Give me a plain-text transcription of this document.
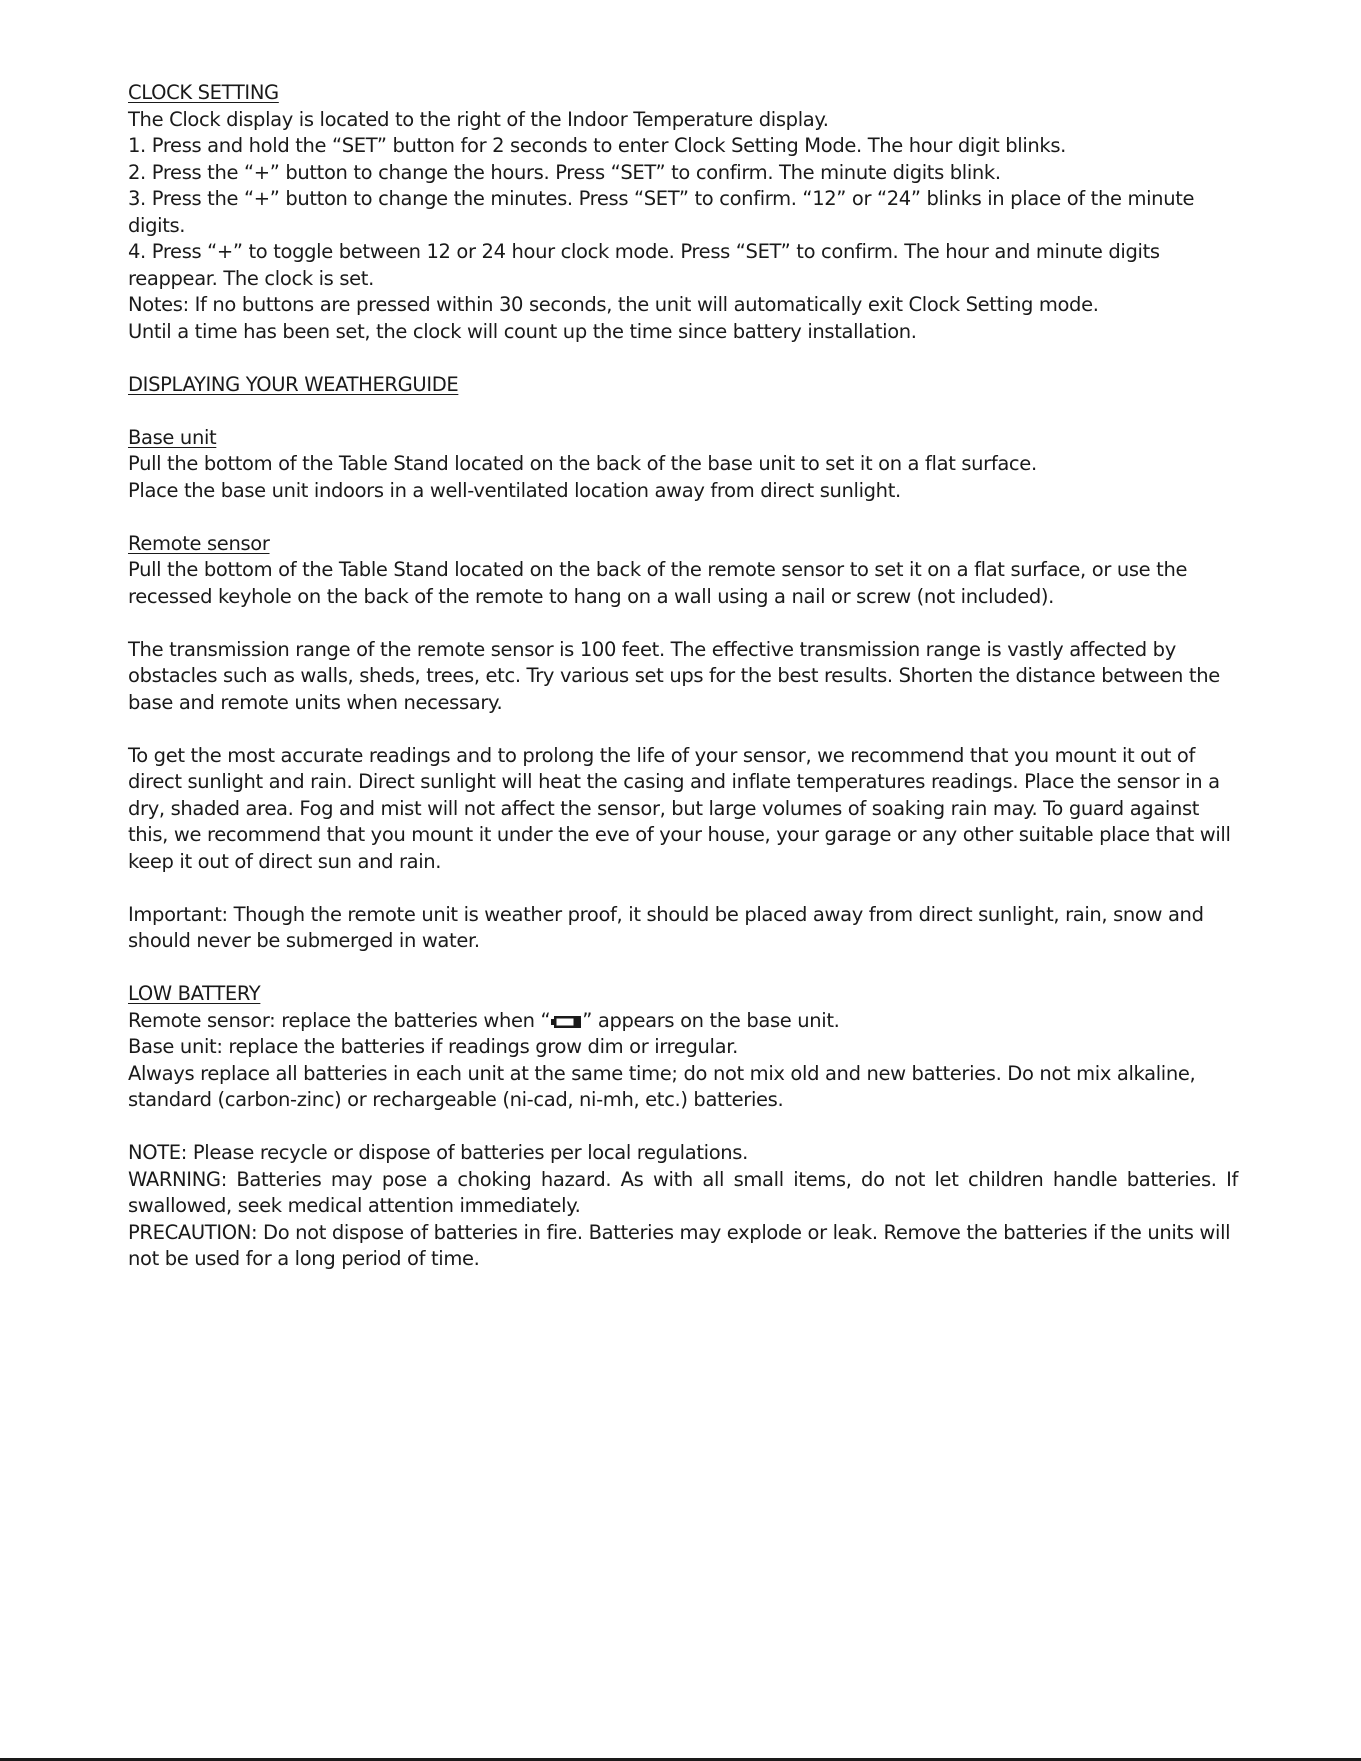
CLOCK SETTING

The Clock display is located to the right of the Indoor Temperature display.

1. Press and hold the “SET” button for 2 seconds to enter Clock Setting Mode. The hour digit blinks.

2. Press the “+” button to change the hours. Press “SET” to confirm. The minute digits blink.

3. Press the “+” button to change the minutes. Press “SET” to confirm. “12” or “24” blinks in place of the minute digits.

4. Press “+” to toggle between 12 or 24 hour clock mode. Press “SET” to confirm. The hour and minute digits reappear. The clock is set.

Notes: If no buttons are pressed within 30 seconds, the unit will automatically exit Clock Setting mode.

Until a time has been set, the clock will count up the time since battery installation.

DISPLAYING YOUR WEATHERGUIDE

Base unit

Pull the bottom of the Table Stand located on the back of the base unit to set it on a flat surface.

Place the base unit indoors in a well-ventilated location away from direct sunlight.

Remote sensor

Pull the bottom of the Table Stand located on the back of the remote sensor to set it on a flat surface, or use the recessed keyhole on the back of the remote to hang on a wall using a nail or screw (not included).

The transmission range of the remote sensor is 100 feet. The effective transmission range is vastly affected by obstacles such as walls, sheds, trees, etc. Try various set ups for the best results. Shorten the distance between the base and remote units when necessary.

To get the most accurate readings and to prolong the life of your sensor, we recommend that you mount it out of direct sunlight and rain. Direct sunlight will heat the casing and inflate temperatures readings. Place the sensor in a dry, shaded area. Fog and mist will not affect the sensor, but large volumes of soaking rain may. To guard against this, we recommend that you mount it under the eve of your house, your garage or any other suitable place that will keep it out of direct sun and rain.

Important: Though the remote unit is weather proof, it should be placed away from direct sunlight, rain, snow and should never be submerged in water.

LOW BATTERY

Remote sensor: replace the batteries when “ ” appears on the base unit.

Base unit: replace the batteries if readings grow dim or irregular.

Always replace all batteries in each unit at the same time; do not mix old and new batteries. Do not mix alkaline, standard (carbon-zinc) or rechargeable (ni-cad, ni-mh, etc.) batteries.

NOTE: Please recycle or dispose of batteries per local regulations.

WARNING: Batteries may pose a choking hazard. As with all small items, do not let children handle batteries. If swallowed, seek medical attention immediately.

PRECAUTION: Do not dispose of batteries in fire. Batteries may explode or leak. Remove the batteries if the units will not be used for a long period of time.
